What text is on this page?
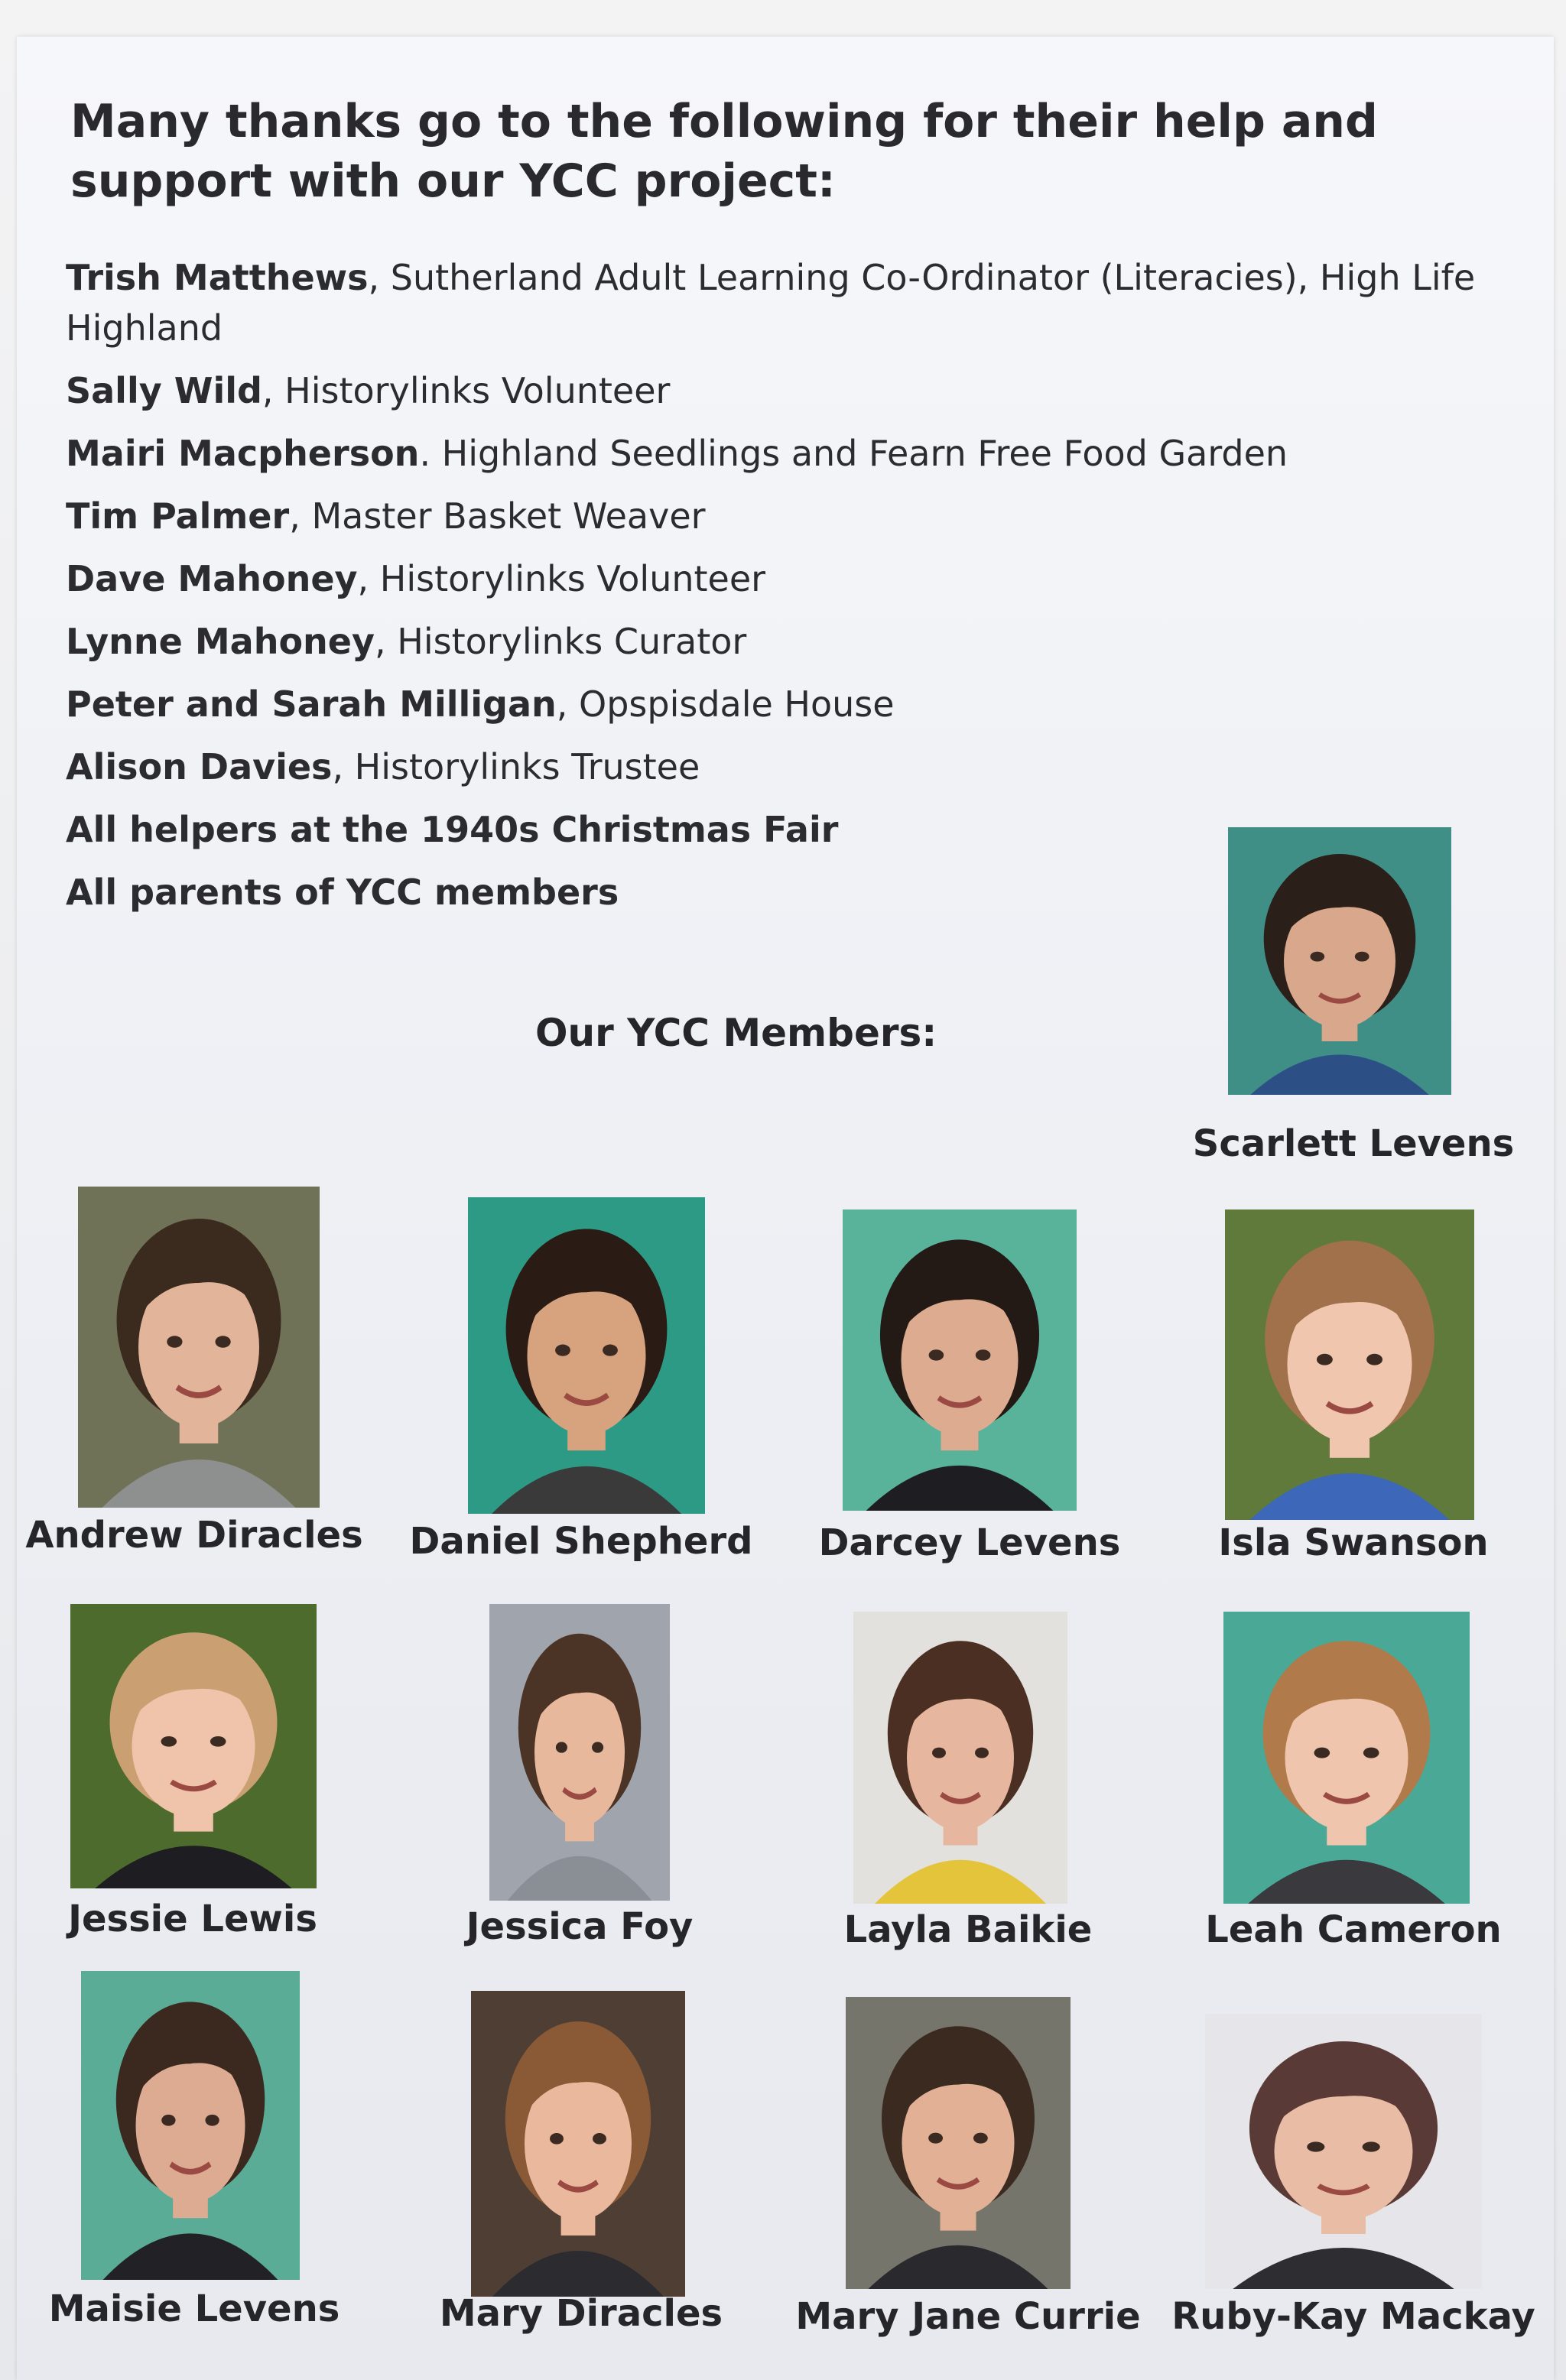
Many thanks go to the following for their help and support with our YCC project:
Trish Matthews, Sutherland Adult Learning Co-Ordinator (Literacies), High Life Highland
Sally Wild, Historylinks Volunteer
Mairi Macpherson. Highland Seedlings and Fearn Free Food Garden
Tim Palmer, Master Basket Weaver
Dave Mahoney, Historylinks Volunteer
Lynne Mahoney, Historylinks Curator
Peter and Sarah Milligan, Opspisdale House
Alison Davies, Historylinks Trustee
All helpers at the 1940s Christmas Fair
All parents of YCC members
Our YCC Members:
Scarlett Levens
Andrew Diracles Daniel Shepherd Darcey Levens	Isla Swanson
Jessie Lewis	Jessica Foy	Layla Baikie	Leah Cameron
Maisie Levens	Mary Diracles Mary Jane Currie Ruby-Kay Mackay
